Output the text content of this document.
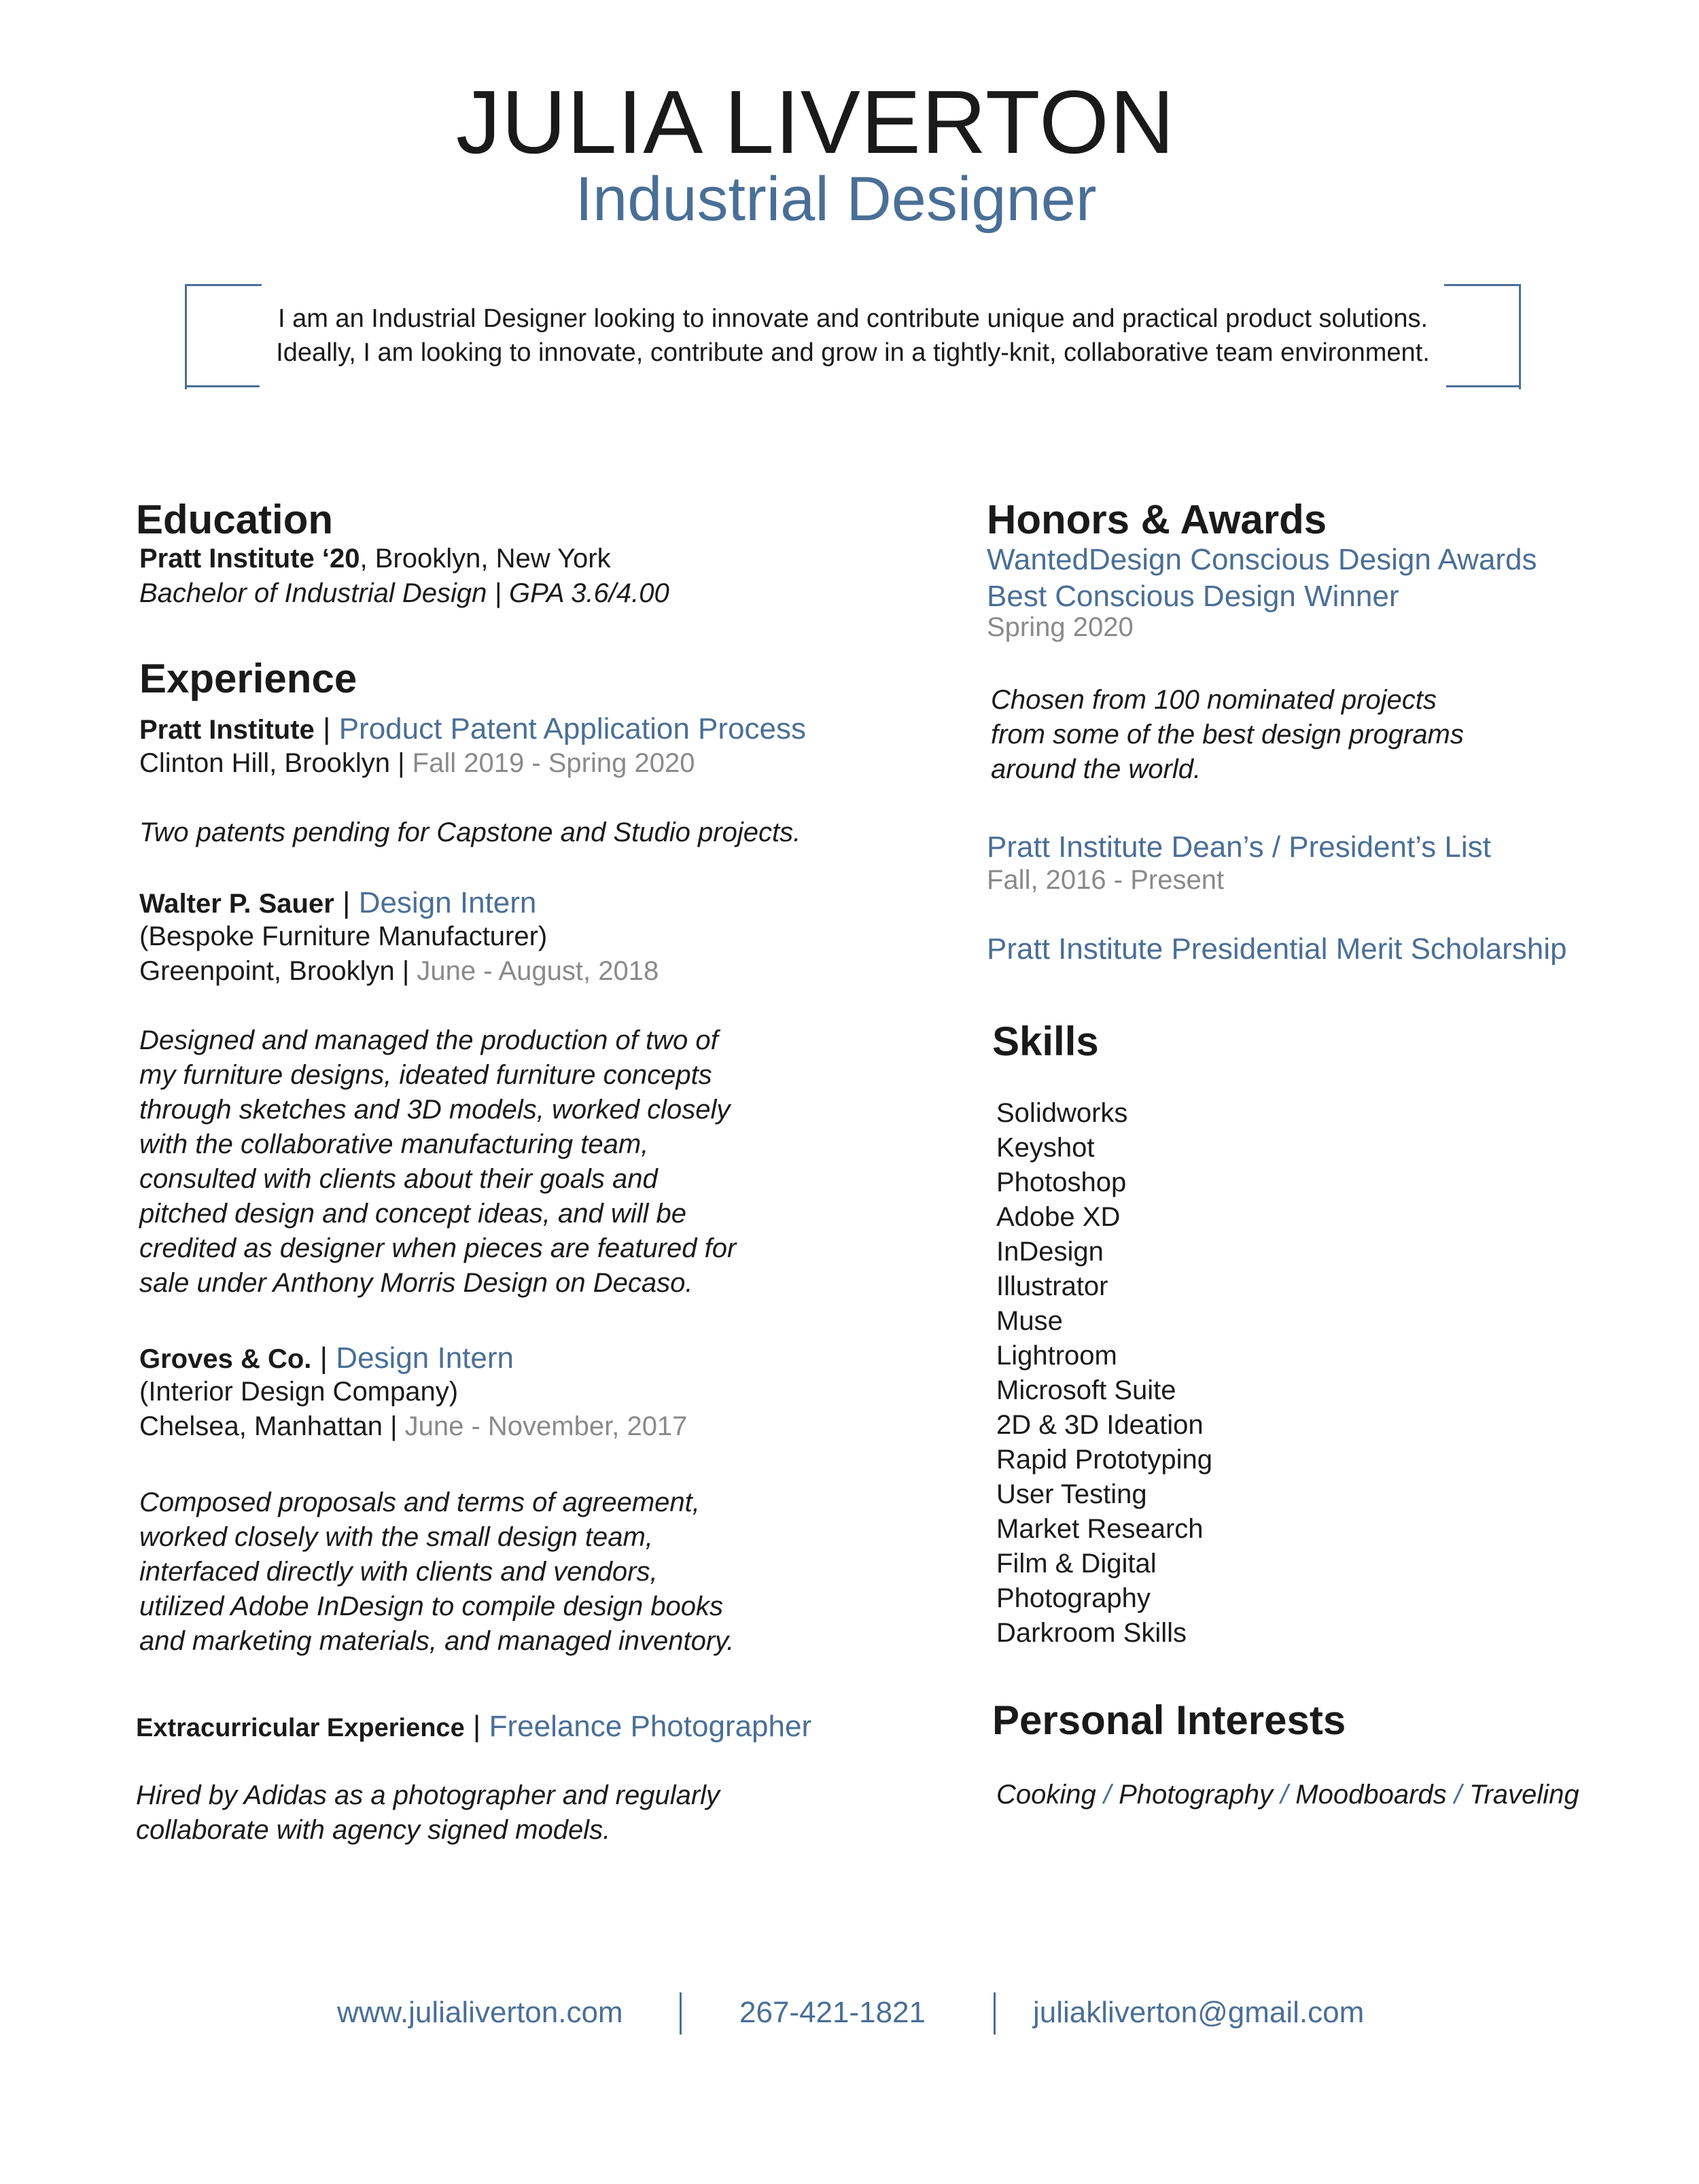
JULIA LIVERTON
Industrial Designer
I am an Industrial Designer looking to innovate and contribute unique and practical product solutions.
Ideally, I am looking to innovate, contribute and grow in a tightly-knit, collaborative team environment.
Education
Pratt Institute ‘20, Brooklyn, New York
Bachelor of Industrial Design | GPA 3.6/4.00
Experience
Pratt Institute | Product Patent Application Process
Clinton Hill, Brooklyn | Fall 2019 - Spring 2020
Two patents pending for Capstone and Studio projects.
Walter P. Sauer | Design Intern
(Bespoke Furniture Manufacturer)
Greenpoint, Brooklyn | June - August, 2018
Designed and managed the production of two of
my furniture designs, ideated furniture concepts
through sketches and 3D models, worked closely
with the collaborative manufacturing team,
consulted with clients about their goals and
pitched design and concept ideas, and will be
credited as designer when pieces are featured for
sale under Anthony Morris Design on Decaso.
Groves & Co. | Design Intern
(Interior Design Company)
Chelsea, Manhattan | June - November, 2017
Composed proposals and terms of agreement,
worked closely with the small design team,
interfaced directly with clients and vendors,
utilized Adobe InDesign to compile design books
and marketing materials, and managed inventory.
Extracurricular Experience | Freelance Photographer
Hired by Adidas as a photographer and regularly
collaborate with agency signed models.
Honors & Awards
WantedDesign Conscious Design Awards
Best Conscious Design Winner
Spring 2020
Chosen from 100 nominated projects
from some of the best design programs
around the world.
Pratt Institute Dean’s / President’s List
Fall, 2016 - Present
Pratt Institute Presidential Merit Scholarship
Skills
Solidworks
Keyshot
Photoshop
Adobe XD
InDesign
Illustrator
Muse
Lightroom
Microsoft Suite
2D & 3D Ideation
Rapid Prototyping
User Testing
Market Research
Film & Digital
Photography
Darkroom Skills
Personal Interests
Cooking / Photography / Moodboards / Traveling
www.julialiverton.com	267-421-1821	juliakliverton@gmail.com
